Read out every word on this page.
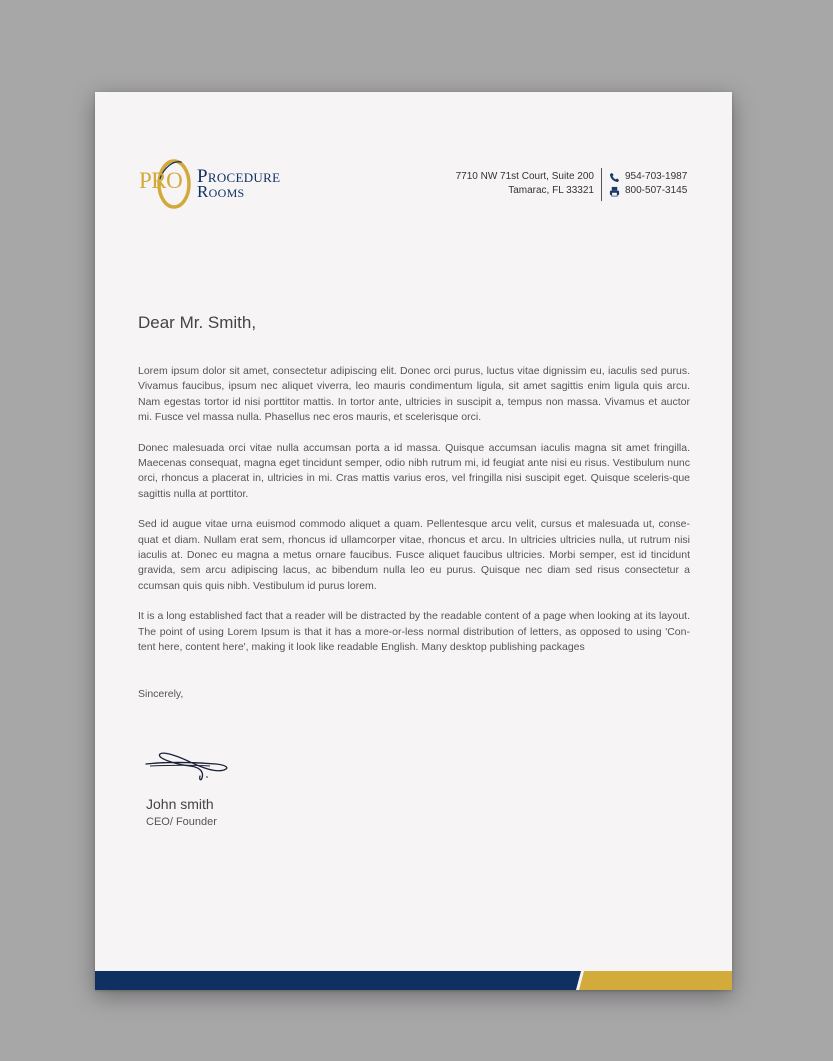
PRO Procedure
Rooms
7710 NW 71st Court, Suite 200
Tamarac, FL 33321
954-703-1987
800-507-3145
Dear Mr. Smith,

Lorem ipsum dolor sit amet, consectetur adipiscing elit. Donec orci purus, luctus vitae dignissim eu, iaculis sed purus. Vivamus faucibus, ipsum nec aliquet viverra, leo mauris condimentum ligula, sit amet sagittis enim ligula quis arcu. Nam egestas tortor id nisi porttitor mattis. In tortor ante, ultricies in suscipit a, tempus non massa. Vivamus et auctor mi. Fusce vel massa nulla. Phasellus nec eros mauris, et scelerisque orci.

Donec malesuada orci vitae nulla accumsan porta a id massa. Quisque accumsan iaculis magna sit amet fringilla. Maecenas consequat, magna eget tincidunt semper, odio nibh rutrum mi, id feugiat ante nisi eu risus. Vestibulum nunc orci, rhoncus a placerat in, ultricies in mi. Cras mattis varius eros, vel fringilla nisi suscipit eget. Quisque sceleris-que sagittis nulla at porttitor.

Sed id augue vitae urna euismod commodo aliquet a quam. Pellentesque arcu velit, cursus et malesuada ut, conse-quat et diam. Nullam erat sem, rhoncus id ullamcorper vitae, rhoncus et arcu. In ultricies ultricies nulla, ut rutrum nisi iaculis at. Donec eu magna a metus ornare faucibus. Fusce aliquet faucibus ultricies. Morbi semper, est id tincidunt gravida, sem arcu adipiscing lacus, ac bibendum nulla leo eu purus. Quisque nec diam sed risus consectetur a ccumsan quis quis nibh. Vestibulum id purus lorem.

It is a long established fact that a reader will be distracted by the readable content of a page when looking at its layout. The point of using Lorem Ipsum is that it has a more-or-less normal distribution of letters, as opposed to using 'Con-tent here, content here', making it look like readable English. Many desktop publishing packages

Sincerely,
John smith
CEO/ Founder
